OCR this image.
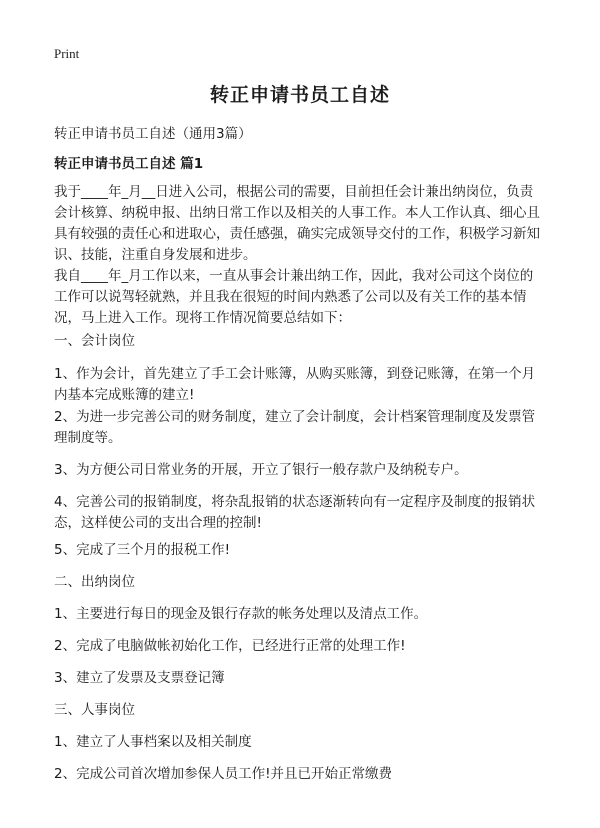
Print
转正申请书员工自述
转正申请书员工自述（通用3篇）
转正申请书员工自述 篇1

我于____年_月__日进入公司，根据公司的需要，目前担任会计兼出纳岗位，负责会计核算、纳税申报、出纳日常工作以及相关的人事工作。本人工作认真、细心且具有较强的责任心和进取心，责任感强，确实完成领导交付的工作，积极学习新知识、技能，注重自身发展和进步。

我自____年_月工作以来，一直从事会计兼出纳工作，因此，我对公司这个岗位的工作可以说驾轻就熟，并且我在很短的时间内熟悉了公司以及有关工作的基本情况，马上进入工作。现将工作情况简要总结如下：

一、会计岗位

1、作为会计，首先建立了手工会计账簿，从购买账簿，到登记账簿，在第一个月内基本完成账簿的建立!

2、为进一步完善公司的财务制度，建立了会计制度，会计档案管理制度及发票管理制度等。

3、为方便公司日常业务的开展，开立了银行一般存款户及纳税专户。

4、完善公司的报销制度，将杂乱报销的状态逐渐转向有一定程序及制度的报销状态，这样使公司的支出合理的控制!

5、完成了三个月的报税工作!

二、出纳岗位

1、主要进行每日的现金及银行存款的帐务处理以及清点工作。

2、完成了电脑做帐初始化工作，已经进行正常的处理工作!

3、建立了发票及支票登记簿

三、人事岗位

1、建立了人事档案以及相关制度

2、完成公司首次增加参保人员工作!并且已开始正常缴费
